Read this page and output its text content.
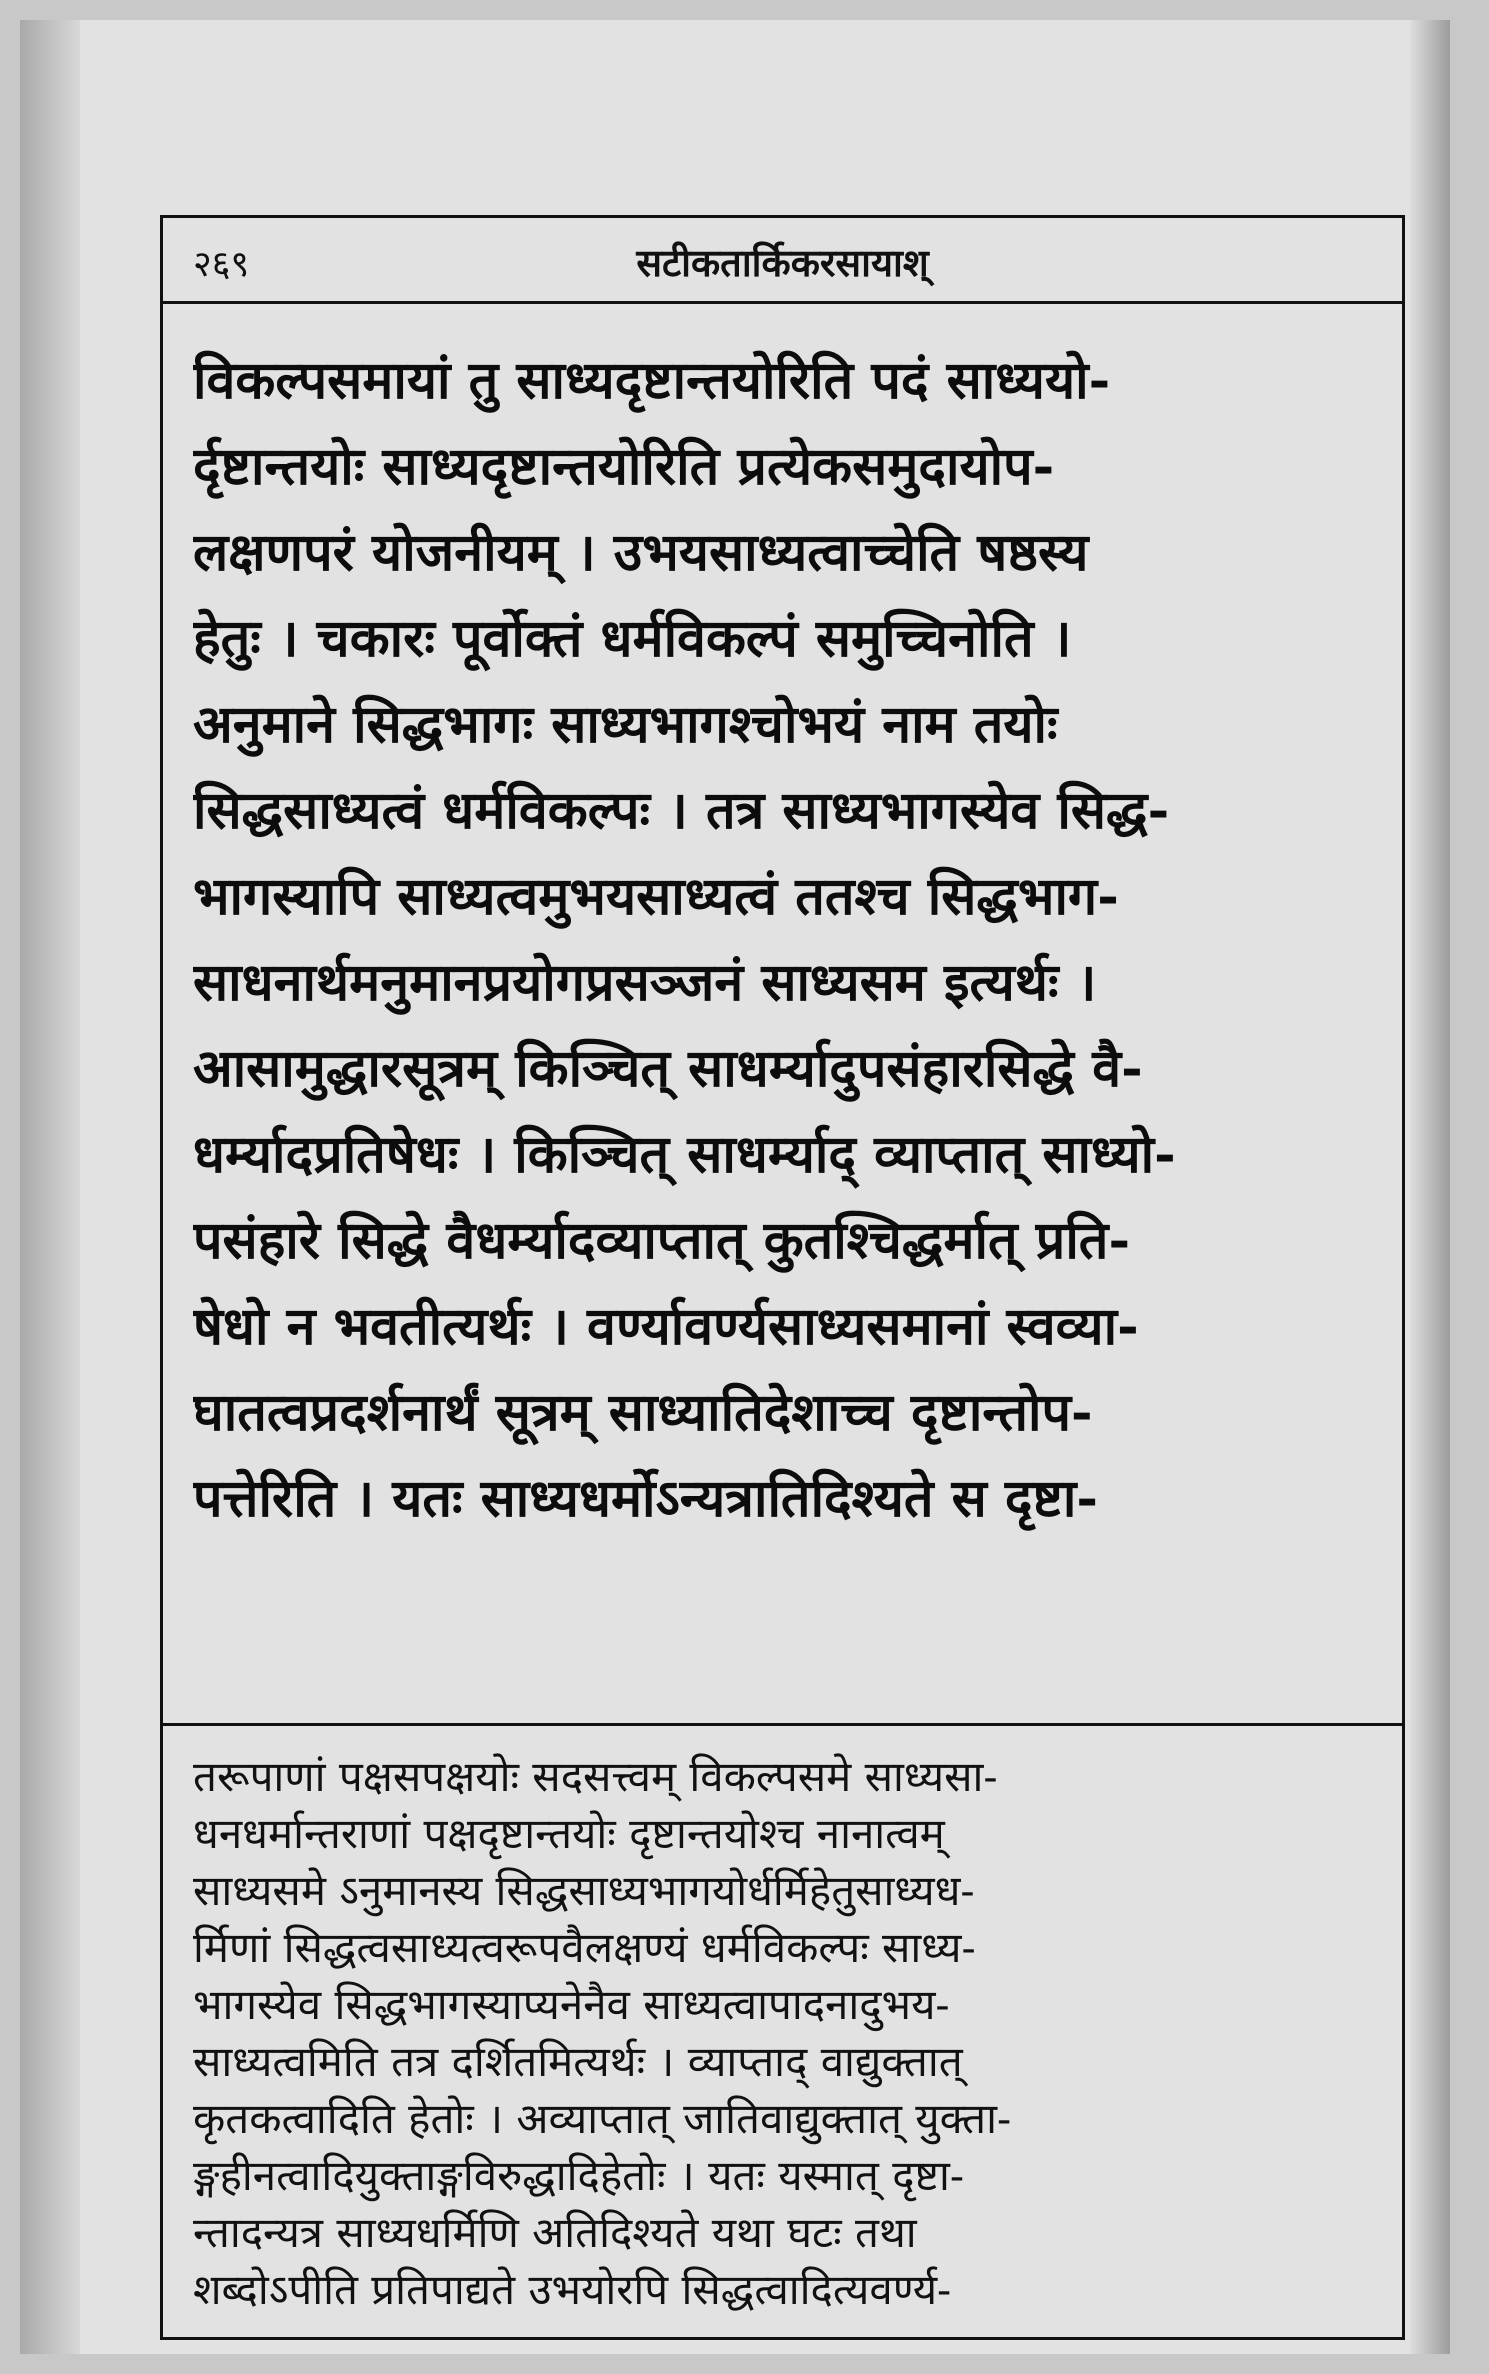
२६९	सटीकतार्किकरसायाश्
विकल्पसमायां तु साध्यदृष्टान्तयोरिति पदं साध्ययो-
र्दृष्टान्तयोः साध्यदृष्टान्तयोरिति प्रत्येकसमुदायोप-
लक्षणपरं योजनीयम् । उभयसाध्यत्वाच्चेति षष्ठस्य
हेतुः । चकारः पूर्वोक्तं धर्मविकल्पं समुच्चिनोति ।
अनुमाने सिद्धभागः साध्यभागश्चोभयं नाम तयोः
सिद्धसाध्यत्वं धर्मविकल्पः । तत्र साध्यभागस्येव सिद्ध-
भागस्यापि साध्यत्वमुभयसाध्यत्वं ततश्च सिद्धभाग-
साधनार्थमनुमानप्रयोगप्रसञ्जनं साध्यसम इत्यर्थः ।
आसामुद्धारसूत्रम् किञ्चित् साधर्म्यादुपसंहारसिद्धे वै-
धर्म्यादप्रतिषेधः । किञ्चित् साधर्म्याद् व्याप्तात् साध्यो-
पसंहारे सिद्धे वैधर्म्यादव्याप्तात् कुतश्चिद्धर्मात् प्रति-
षेधो न भवतीत्यर्थः । वर्ण्यावर्ण्यसाध्यसमानां स्वव्या-
घातत्वप्रदर्शनार्थं सूत्रम् साध्यातिदेशाच्च दृष्टान्तोप-
पत्तेरिति । यतः साध्यधर्मोऽन्यत्रातिदिश्यते स दृष्टा-
तरूपाणां पक्षसपक्षयोः सदसत्त्वम् विकल्पसमे साध्यसा-
धनधर्मान्तराणां पक्षदृष्टान्तयोः दृष्टान्तयोश्च नानात्वम्
साध्यसमे ऽनुमानस्य सिद्धसाध्यभागयोर्धर्मिहेतुसाध्यध-
र्मिणां सिद्धत्वसाध्यत्वरूपवैलक्षण्यं धर्मविकल्पः साध्य-
भागस्येव सिद्धभागस्याप्यनेनैव साध्यत्वापादनादुभय-
साध्यत्वमिति तत्र दर्शितमित्यर्थः । व्याप्ताद् वाद्युक्तात्
कृतकत्वादिति हेतोः । अव्याप्तात् जातिवाद्युक्तात् युक्ता-
ङ्गहीनत्वादियुक्ताङ्गविरुद्धादिहेतोः । यतः यस्मात् दृष्टा-
न्तादन्यत्र साध्यधर्मिणि अतिदिश्यते यथा घटः तथा
शब्दोऽपीति प्रतिपाद्यते उभयोरपि सिद्धत्वादित्यवर्ण्य-
